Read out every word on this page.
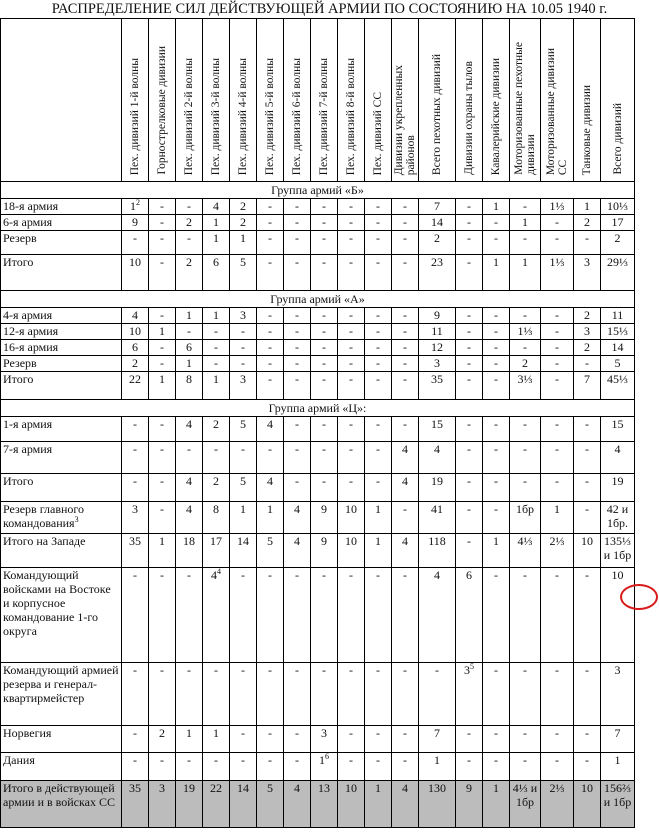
РАСПРЕДЕЛЕНИЕ СИЛ ДЕЙСТВУЮЩЕЙ АРМИИ ПО СОСТОЯНИЮ НА 10.05 1940 г.
	Пех. дивизий 1-й волны	Горнострелковые дивизии	Пех. дивизий 2-й волны	Пех. дивизий 3-й волны	Пех. дивизий 4-й волны	Пех. дивизий 5-й волны	Пех. дивизий 6-й волны	Пех. дивизий 7-й волны	Пех. дивизий 8-й волны	Пех. дивизий СС	Дивизии укрепленных
районов	Всего пехотных дивизий	Дивизии охраны тылов	Кавалерийские дивизии	Моторизованные пехотные
дивизии	Моторизованные дивизии
СС	Танковые дивизии	Всего дивизий
Группа армий «Б»																		
18-я армия	$1^2$	-	-	4	2	-	-	-	-	-	-	7	-	1	-	1⅓	1	10⅓
6-я армия	9	-	2	1	2	-	-	-	-	-	-	14	-	-	1	-	2	17
Резерв	-	-	-	1	1	-	-	-	-	-	-	2	-	-	-	-	-	2
Итого	10	-	2	6	5	-	-	-	-	-	-	23	-	1	1	1⅓	3	29⅓
Группа армий «А»																		
4-я армия	4	-	1	1	3	-	-	-	-	-	-	9	-	-	-	-	2	11
12-я армия	10	1	-	-	-	-	-	-	-	-	-	11	-	-	1⅓	-	3	15⅓
16-я армия	6	-	6	-	-	-	-	-	-	-	-	12	-	-	-	-	2	14
Резерв	2	-	1	-	-	-	-	-	-	-	-	3	-	-	2	-	-	5
Итого	22	1	8	1	3	-	-	-	-	-	-	35	-	-	3⅓	-	7	45⅓
Группа армий «Ц»:																		
1-я армия	-	-	4	2	5	4	-	-	-	-	-	15	-	-	-	-	-	15
7-я армия	-	-	-	-	-	-	-	-	-	-	4	4	-	-	-	-	-	4
Итого	-	-	4	2	5	4	-	-	-	-	4	19	-	-	-	-	-	19
Резерв главного командования$^3$	3	-	4	8	1	1	4	9	10	1	-	41	-	-	1бр	1	-	42 и 1бр.
Итого на Западе	35	1	18	17	14	5	4	9	10	1	4	118	-	1	4⅓	2⅓	10	135⅓ и 1бр
Командующий войсками на Востоке и корпусное командование 1-го округа	-	-	-	$4^4$	-	-	-	-	-	-	-	4	6	-	-	-	-	10
Командующий армией резерва и генерал-квартирмейстер	-	-	-	-	-	-	-	-	-	-	-	-	$3^5$	-	-	-	-	3
Норвегия	-	2	1	1	-	-	-	3	-	-	-	7	-	-	-	-	-	7
Дания	-	-	-	-	-	-	-	$1^6$	-	-	-	1	-	-	-	-	-	1
Итого в действующей армии и в войсках СС	35	3	19	22	14	5	4	13	10	1	4	130	9	1	4⅓ и 1бр	2⅓	10	156⅔ и 1бр
